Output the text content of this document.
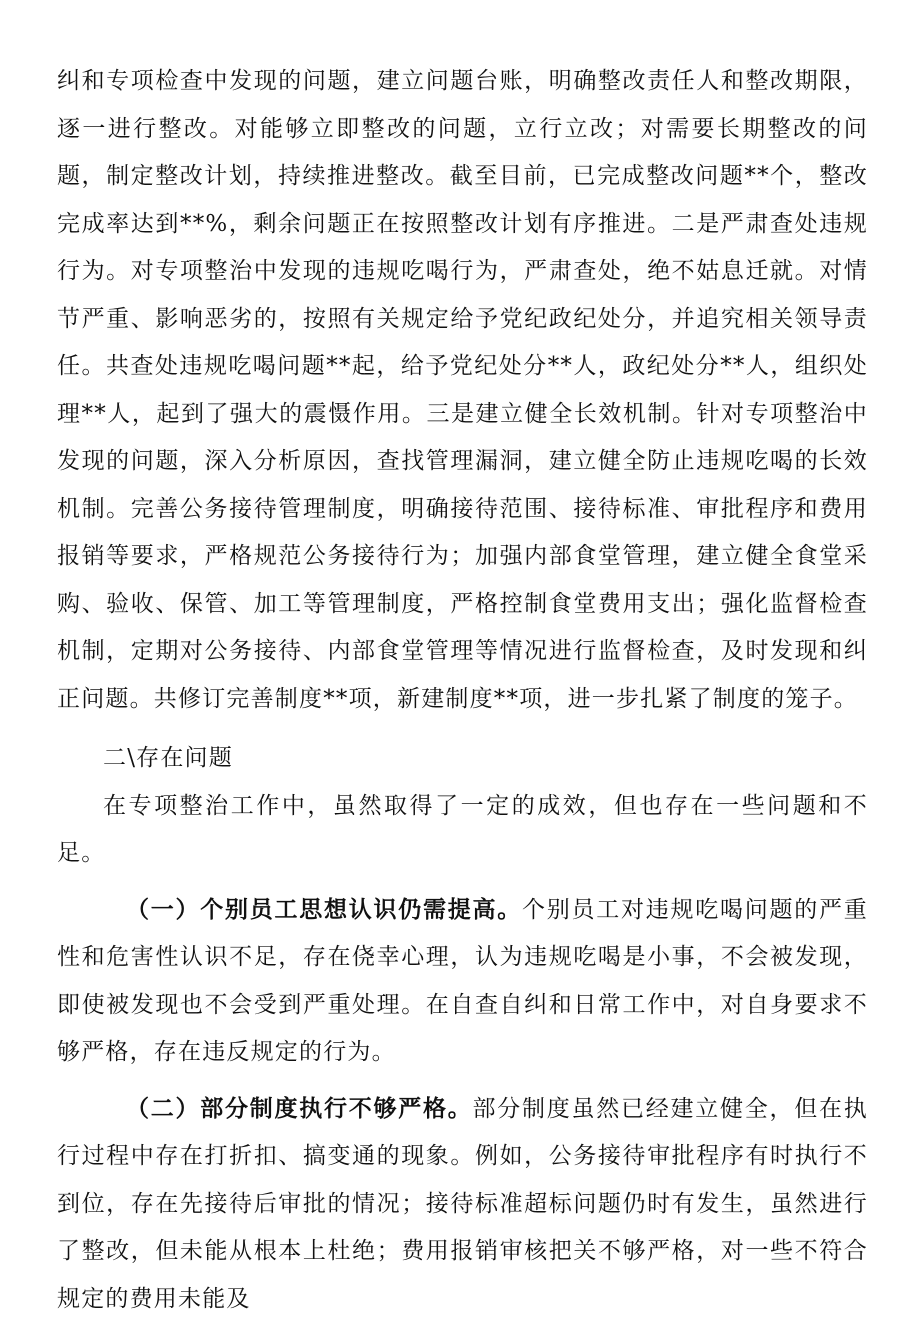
纠和专项检查中发现的问题，建立问题台账，明确整改责任人和整改期限，逐一进行整改。对能够立即整改的问题，立行立改；对需要长期整改的问题，制定整改计划，持续推进整改。截至目前，已完成整改问题**个，整改完成率达到**%，剩余问题正在按照整改计划有序推进。二是严肃查处违规行为。对专项整治中发现的违规吃喝行为，严肃查处，绝不姑息迁就。对情节严重、影响恶劣的，按照有关规定给予党纪政纪处分，并追究相关领导责任。共查处违规吃喝问题**起，给予党纪处分**人，政纪处分**人，组织处理**人，起到了强大的震慑作用。三是建立健全长效机制。针对专项整治中发现的问题，深入分析原因，查找管理漏洞，建立健全防止违规吃喝的长效机制。完善公务接待管理制度，明确接待范围、接待标准、审批程序和费用报销等要求，严格规范公务接待行为；加强内部食堂管理，建立健全食堂采购、验收、保管、加工等管理制度，严格控制食堂费用支出；强化监督检查机制，定期对公务接待、内部食堂管理等情况进行监督检查，及时发现和纠正问题。共修订完善制度**项，新建制度**项，进一步扎紧了制度的笼子。

二\存在问题

在专项整治工作中，虽然取得了一定的成效，但也存在一些问题和不足。

（一）个别员工思想认识仍需提高。个别员工对违规吃喝问题的严重性和危害性认识不足，存在侥幸心理，认为违规吃喝是小事，不会被发现，即使被发现也不会受到严重处理。在自查自纠和日常工作中，对自身要求不够严格，存在违反规定的行为。

（二）部分制度执行不够严格。部分制度虽然已经建立健全，但在执行过程中存在打折扣、搞变通的现象。例如，公务接待审批程序有时执行不到位，存在先接待后审批的情况；接待标准超标问题仍时有发生，虽然进行了整改，但未能从根本上杜绝；费用报销审核把关不够严格，对一些不符合规定的费用未能及
